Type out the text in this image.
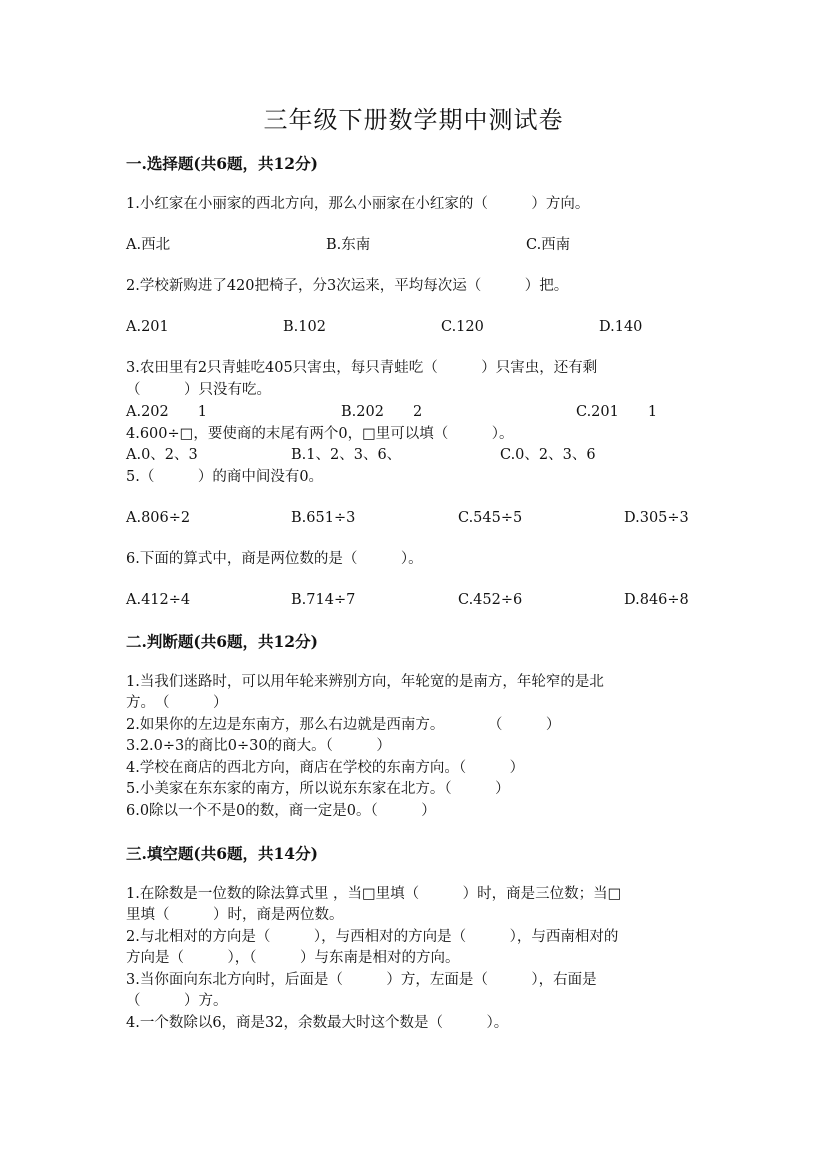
三年级下册数学期中测试卷
一.选择题(共6题，共12分)
1.小红家在小丽家的西北方向，那么小丽家在小红家的（　　　）方向。
A.西北	B.东南	C.西南
2.学校新购进了420把椅子，分3次运来，平均每次运（　　　）把。
A.201	B.102	C.120	D.140
3.农田里有2只青蛙吃405只害虫，每只青蛙吃（　　　）只害虫，还有剩
（　　　）只没有吃。
A.202　　1	B.202　　2	C.201　　1
4.600÷□，要使商的末尾有两个0，□里可以填（　　　）。
A.0、2、3	B.1、2、3、6、	C.0、2、3、6
5.（　　　）的商中间没有0。
A.806÷2	B.651÷3	C.545÷5	D.305÷3
6.下面的算式中，商是两位数的是（　　　）。
A.412÷4	B.714÷7	C.452÷6	D.846÷8
二.判断题(共6题，共12分)
1.当我们迷路时，可以用年轮来辨别方向，年轮宽的是南方，年轮窄的是北
方。　（　　　）
2.如果你的左边是东南方，那么右边就是西南方。　　　　（　　　）
3.2.0÷3的商比0÷30的商大。（　　　）
4.学校在商店的西北方向，商店在学校的东南方向。（　　　）
5.小美家在东东家的南方，所以说东东家在北方。（　　　）
6.0除以一个不是0的数，商一定是0。（　　　）
三.填空题(共6题，共14分)
1.在除数是一位数的除法算式里 ，当□里填（　　　）时，商是三位数；当□
里填（　　　）时，商是两位数。
2.与北相对的方向是（　　　），与西相对的方向是（　　　），与西南相对的
方向是（　　　），（　　　）与东南是相对的方向。
3.当你面向东北方向时，后面是（　　　）方，左面是（　　　），右面是
（　　　）方。
4.一个数除以6，商是32，余数最大时这个数是（　　　）。
